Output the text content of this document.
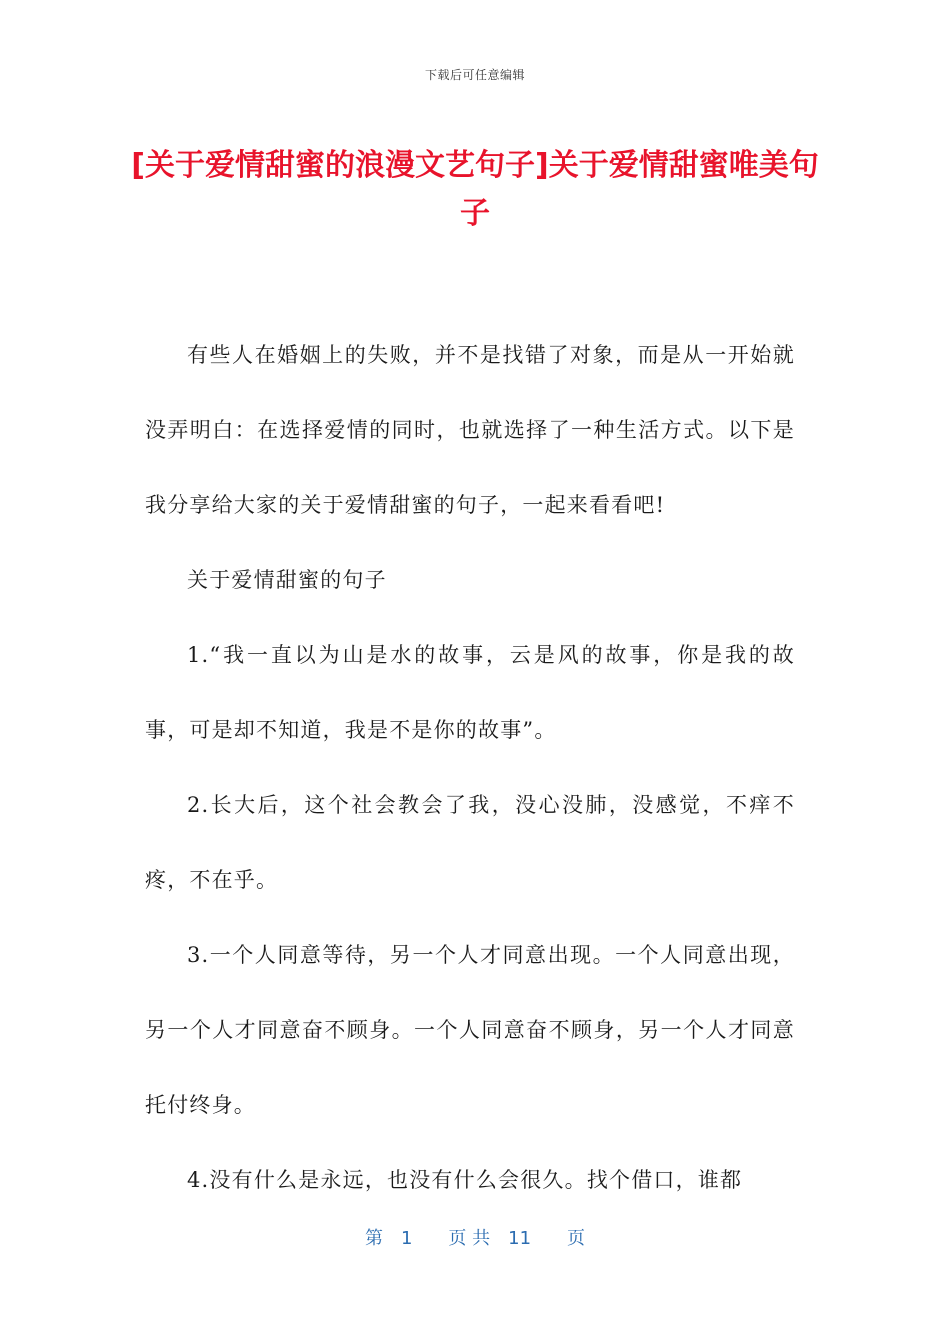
下载后可任意编辑
[关于爱情甜蜜的浪漫文艺句子]关于爱情甜蜜唯美句子

有些人在婚姻上的失败，并不是找错了对象，而是从一开始就没弄明白：在选择爱情的同时，也就选择了一种生活方式。以下是我分享给大家的关于爱情甜蜜的句子，一起来看看吧!

关于爱情甜蜜的句子

1.“我一直以为山是水的故事，云是风的故事，你是我的故事，可是却不知道，我是不是你的故事”。

2.长大后，这个社会教会了我，没心没肺，没感觉，不痒不疼，不在乎。

3.一个人同意等待，另一个人才同意出现。一个人同意出现，另一个人才同意奋不顾身。一个人同意奋不顾身，另一个人才同意托付终身。

4.没有什么是永远，也没有什么会很久。找个借口，谁都

第　1　　页 共　11　　页
